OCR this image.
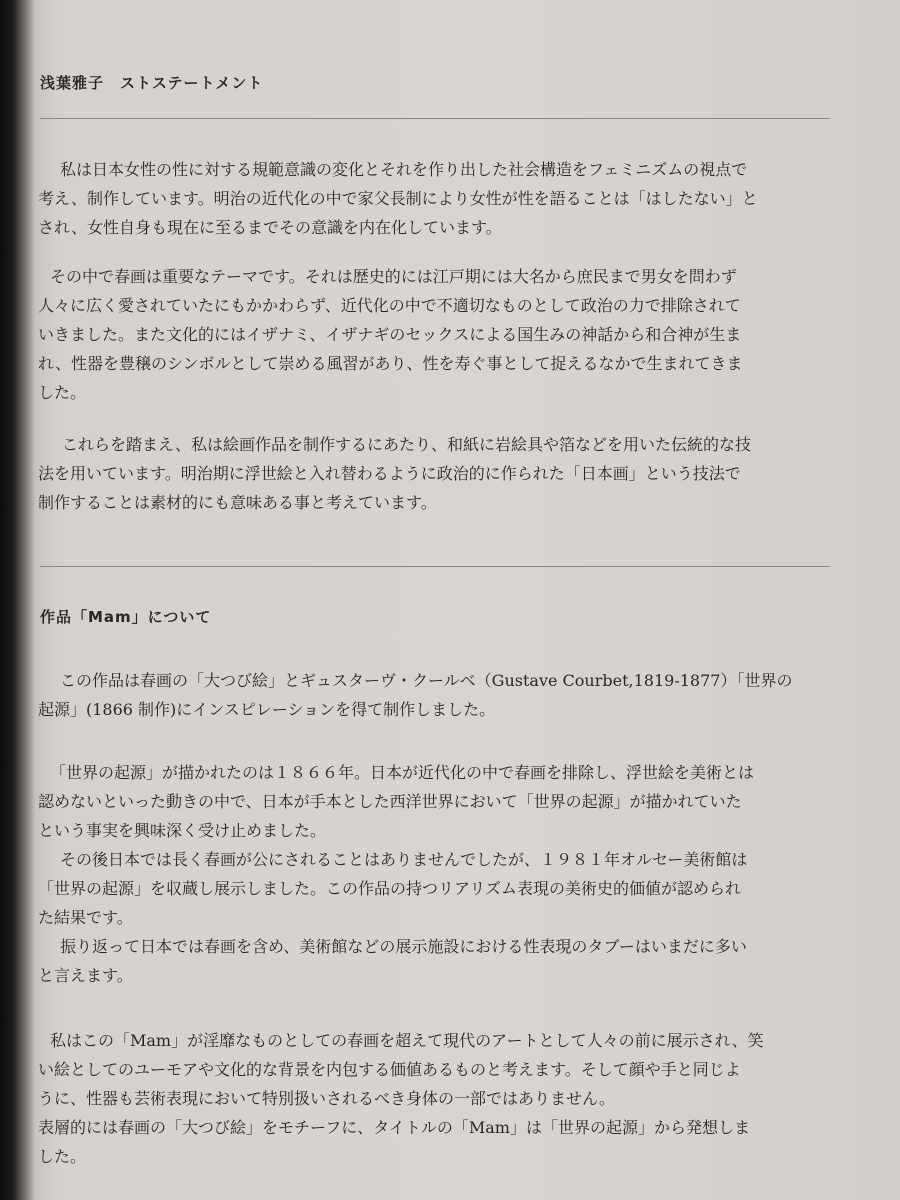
浅葉雅子　ストステートメント
私は日本女性の性に対する規範意識の変化とそれを作り出した社会構造をフェミニズムの視点で
考え、制作しています。明治の近代化の中で家父長制により女性が性を語ることは「はしたない」と
され、女性自身も現在に至るまでその意識を内在化しています。
その中で春画は重要なテーマです。それは歴史的には江戸期には大名から庶民まで男女を問わず
人々に広く愛されていたにもかかわらず、近代化の中で不適切なものとして政治の力で排除されて
いきました。また文化的にはイザナミ、イザナギのセックスによる国生みの神話から和合神が生ま
れ、性器を豊穣のシンボルとして崇める風習があり、性を寿ぐ事として捉えるなかで生まれてきま
した。
これらを踏まえ、私は絵画作品を制作するにあたり、和紙に岩絵具や箔などを用いた伝統的な技
法を用いています。明治期に浮世絵と入れ替わるように政治的に作られた「日本画」という技法で
制作することは素材的にも意味ある事と考えています。
作品「Mam」について
この作品は春画の「大つび絵」とギュスターヴ・クールベ（Gustave Courbet,1819-1877）「世界の
起源」(1866 制作)にインスピレーションを得て制作しました。
「世界の起源」が描かれたのは１８６６年。日本が近代化の中で春画を排除し、浮世絵を美術とは
認めないといった動きの中で、日本が手本とした西洋世界において「世界の起源」が描かれていた
という事実を興味深く受け止めました。
その後日本では長く春画が公にされることはありませんでしたが、１９８１年オルセー美術館は
「世界の起源」を収蔵し展示しました。この作品の持つリアリズム表現の美術史的価値が認められ
た結果です。
振り返って日本では春画を含め、美術館などの展示施設における性表現のタブーはいまだに多い
と言えます。
私はこの「Mam」が淫靡なものとしての春画を超えて現代のアートとして人々の前に展示され、笑
い絵としてのユーモアや文化的な背景を内包する価値あるものと考えます。そして顔や手と同じよ
うに、性器も芸術表現において特別扱いされるべき身体の一部ではありません。
表層的には春画の「大つび絵」をモチーフに、タイトルの「Mam」は「世界の起源」から発想しま
した。
